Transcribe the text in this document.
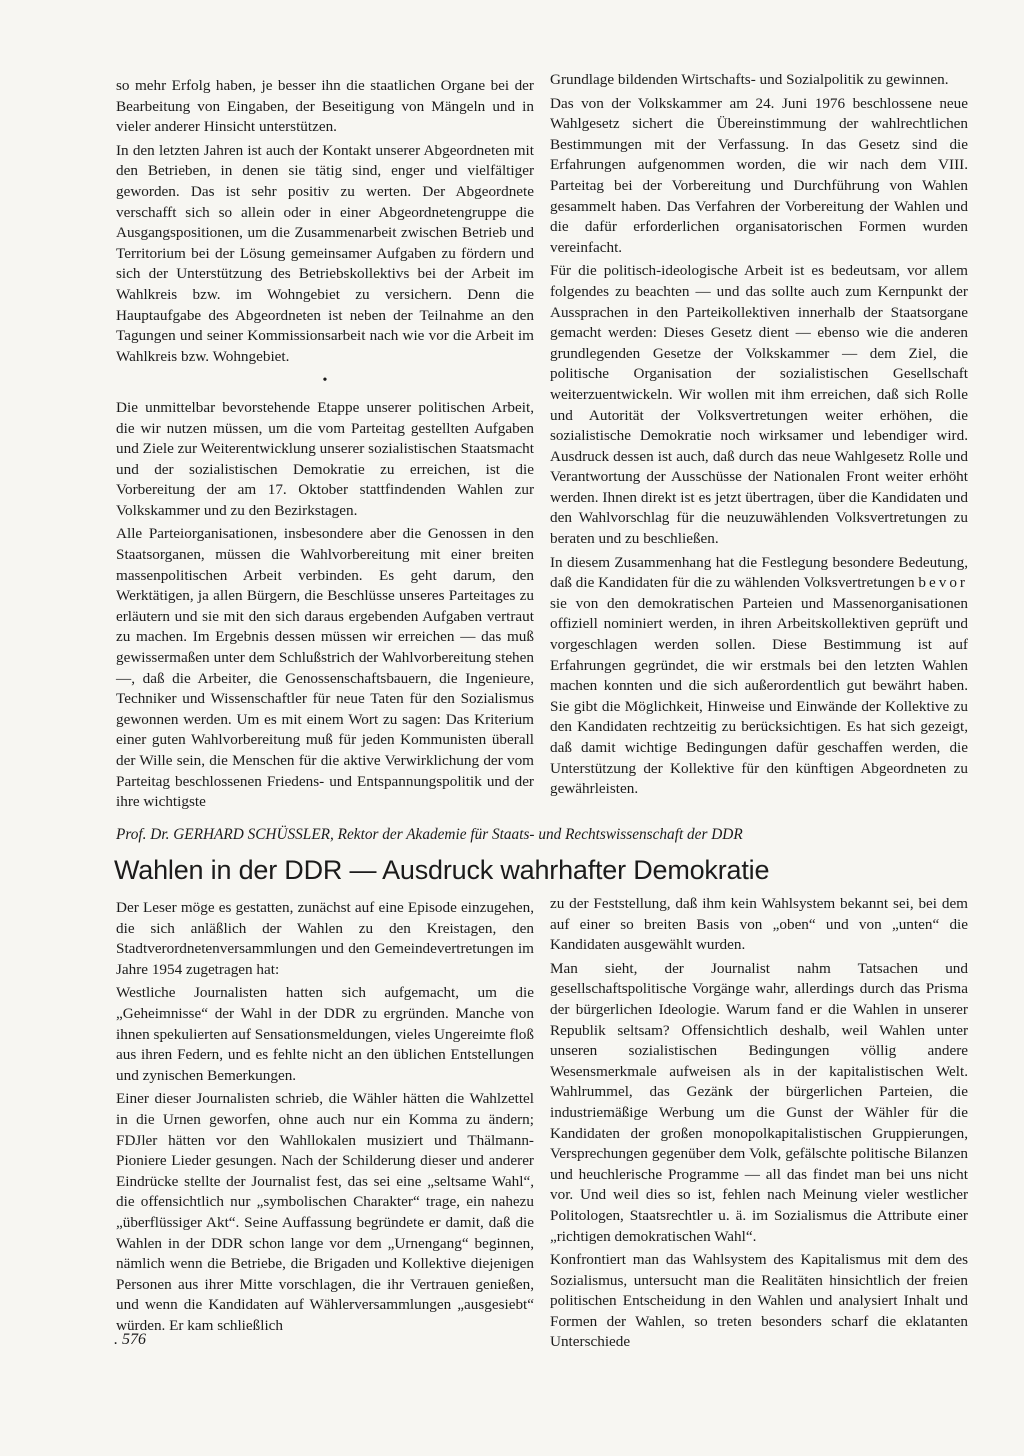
so mehr Erfolg haben, je besser ihn die staatlichen Organe bei der Bearbeitung von Eingaben, der Beseitigung von Mängeln und in vieler anderer Hinsicht unterstützen.

In den letzten Jahren ist auch der Kontakt unserer Abgeordneten mit den Betrieben, in denen sie tätig sind, enger und vielfältiger geworden. Das ist sehr positiv zu werten. Der Abgeordnete verschafft sich so allein oder in einer Abgeordnetengruppe die Ausgangspositionen, um die Zusammenarbeit zwischen Betrieb und Territorium bei der Lösung gemeinsamer Aufgaben zu fördern und sich der Unterstützung des Betriebskollektivs bei der Arbeit im Wahlkreis bzw. im Wohngebiet zu versichern. Denn die Hauptaufgabe des Abgeordneten ist neben der Teilnahme an den Tagungen und seiner Kommissionsarbeit nach wie vor die Arbeit im Wahlkreis bzw. Wohngebiet.

•

Die unmittelbar bevorstehende Etappe unserer politischen Arbeit, die wir nutzen müssen, um die vom Parteitag gestellten Aufgaben und Ziele zur Weiterentwicklung unserer sozialistischen Staatsmacht und der sozialistischen Demokratie zu erreichen, ist die Vorbereitung der am 17. Oktober stattfindenden Wahlen zur Volkskammer und zu den Bezirkstagen.

Alle Parteiorganisationen, insbesondere aber die Genossen in den Staatsorganen, müssen die Wahlvorbereitung mit einer breiten massenpolitischen Arbeit verbinden. Es geht darum, den Werktätigen, ja allen Bürgern, die Beschlüsse unseres Parteitages zu erläutern und sie mit den sich daraus ergebenden Aufgaben vertraut zu machen. Im Ergebnis dessen müssen wir erreichen — das muß gewissermaßen unter dem Schlußstrich der Wahlvorbereitung stehen —, daß die Arbeiter, die Genossenschaftsbauern, die Ingenieure, Techniker und Wissenschaftler für neue Taten für den Sozialismus gewonnen werden. Um es mit einem Wort zu sagen: Das Kriterium einer guten Wahlvorbereitung muß für jeden Kommunisten überall der Wille sein, die Menschen für die aktive Verwirklichung der vom Parteitag beschlossenen Friedens- und Entspannungspolitik und der ihre wichtigste

Grundlage bildenden Wirtschafts- und Sozialpolitik zu gewinnen.

Das von der Volkskammer am 24. Juni 1976 beschlossene neue Wahlgesetz sichert die Übereinstimmung der wahlrechtlichen Bestimmungen mit der Verfassung. In das Gesetz sind die Erfahrungen aufgenommen worden, die wir nach dem VIII. Parteitag bei der Vorbereitung und Durchführung von Wahlen gesammelt haben. Das Verfahren der Vorbereitung der Wahlen und die dafür erforderlichen organisatorischen Formen wurden vereinfacht.

Für die politisch-ideologische Arbeit ist es bedeutsam, vor allem folgendes zu beachten — und das sollte auch zum Kernpunkt der Aussprachen in den Parteikollektiven innerhalb der Staatsorgane gemacht werden: Dieses Gesetz dient — ebenso wie die anderen grundlegenden Gesetze der Volkskammer — dem Ziel, die politische Organisation der sozialistischen Gesellschaft weiterzuentwickeln. Wir wollen mit ihm erreichen, daß sich Rolle und Autorität der Volksvertretungen weiter erhöhen, die sozialistische Demokratie noch wirksamer und lebendiger wird. Ausdruck dessen ist auch, daß durch das neue Wahlgesetz Rolle und Verantwortung der Ausschüsse der Nationalen Front weiter erhöht werden. Ihnen direkt ist es jetzt übertragen, über die Kandidaten und den Wahlvorschlag für die neuzuwählenden Volksvertretungen zu beraten und zu beschließen.

In diesem Zusammenhang hat die Festlegung besondere Bedeutung, daß die Kandidaten für die zu wählenden Volksvertretungen bevor sie von den demokratischen Parteien und Massenorganisationen offiziell nominiert werden, in ihren Arbeitskollektiven geprüft und vorgeschlagen werden sollen. Diese Bestimmung ist auf Erfahrungen gegründet, die wir erstmals bei den letzten Wahlen machen konnten und die sich außerordentlich gut bewährt haben. Sie gibt die Möglichkeit, Hinweise und Einwände der Kollektive zu den Kandidaten rechtzeitig zu berücksichtigen. Es hat sich gezeigt, daß damit wichtige Bedingungen dafür geschaffen werden, die Unterstützung der Kollektive für den künftigen Abgeordneten zu gewährleisten.

Prof. Dr. GERHARD SCHÜSSLER, Rektor der Akademie für Staats- und Rechtswissenschaft der DDR
Wahlen in der DDR — Ausdruck wahrhafter Demokratie

Der Leser möge es gestatten, zunächst auf eine Episode einzugehen, die sich anläßlich der Wahlen zu den Kreistagen, den Stadtverordnetenversammlungen und den Gemeindevertretungen im Jahre 1954 zugetragen hat:

Westliche Journalisten hatten sich aufgemacht, um die „Geheimnisse“ der Wahl in der DDR zu ergründen. Manche von ihnen spekulierten auf Sensationsmeldungen, vieles Ungereimte floß aus ihren Federn, und es fehlte nicht an den üblichen Entstellungen und zynischen Bemerkungen.

Einer dieser Journalisten schrieb, die Wähler hätten die Wahlzettel in die Urnen geworfen, ohne auch nur ein Komma zu ändern; FDJler hätten vor den Wahllokalen musiziert und Thälmann-Pioniere Lieder gesungen. Nach der Schilderung dieser und anderer Eindrücke stellte der Journalist fest, das sei eine „seltsame Wahl“, die offensichtlich nur „symbolischen Charakter“ trage, ein nahezu „überflüssiger Akt“. Seine Auffassung begründete er damit, daß die Wahlen in der DDR schon lange vor dem „Urnengang“ beginnen, nämlich wenn die Betriebe, die Brigaden und Kollektive diejenigen Personen aus ihrer Mitte vorschlagen, die ihr Vertrauen genießen, und wenn die Kandidaten auf Wählerversammlungen „ausgesiebt“ würden. Er kam schließlich

zu der Feststellung, daß ihm kein Wahlsystem bekannt sei, bei dem auf einer so breiten Basis von „oben“ und von „unten“ die Kandidaten ausgewählt wurden.

Man sieht, der Journalist nahm Tatsachen und gesellschaftspolitische Vorgänge wahr, allerdings durch das Prisma der bürgerlichen Ideologie. Warum fand er die Wahlen in unserer Republik seltsam? Offensichtlich deshalb, weil Wahlen unter unseren sozialistischen Bedingungen völlig andere Wesensmerkmale aufweisen als in der kapitalistischen Welt. Wahlrummel, das Gezänk der bürgerlichen Parteien, die industriemäßige Werbung um die Gunst der Wähler für die Kandidaten der großen monopolkapitalistischen Gruppierungen, Versprechungen gegenüber dem Volk, gefälschte politische Bilanzen und heuchlerische Programme — all das findet man bei uns nicht vor. Und weil dies so ist, fehlen nach Meinung vieler westlicher Politologen, Staatsrechtler u. ä. im Sozialismus die Attribute einer „richtigen demokratischen Wahl“.

Konfrontiert man das Wahlsystem des Kapitalismus mit dem des Sozialismus, untersucht man die Realitäten hinsichtlich der freien politischen Entscheidung in den Wahlen und analysiert Inhalt und Formen der Wahlen, so treten besonders scharf die eklatanten Unterschiede

. 576
